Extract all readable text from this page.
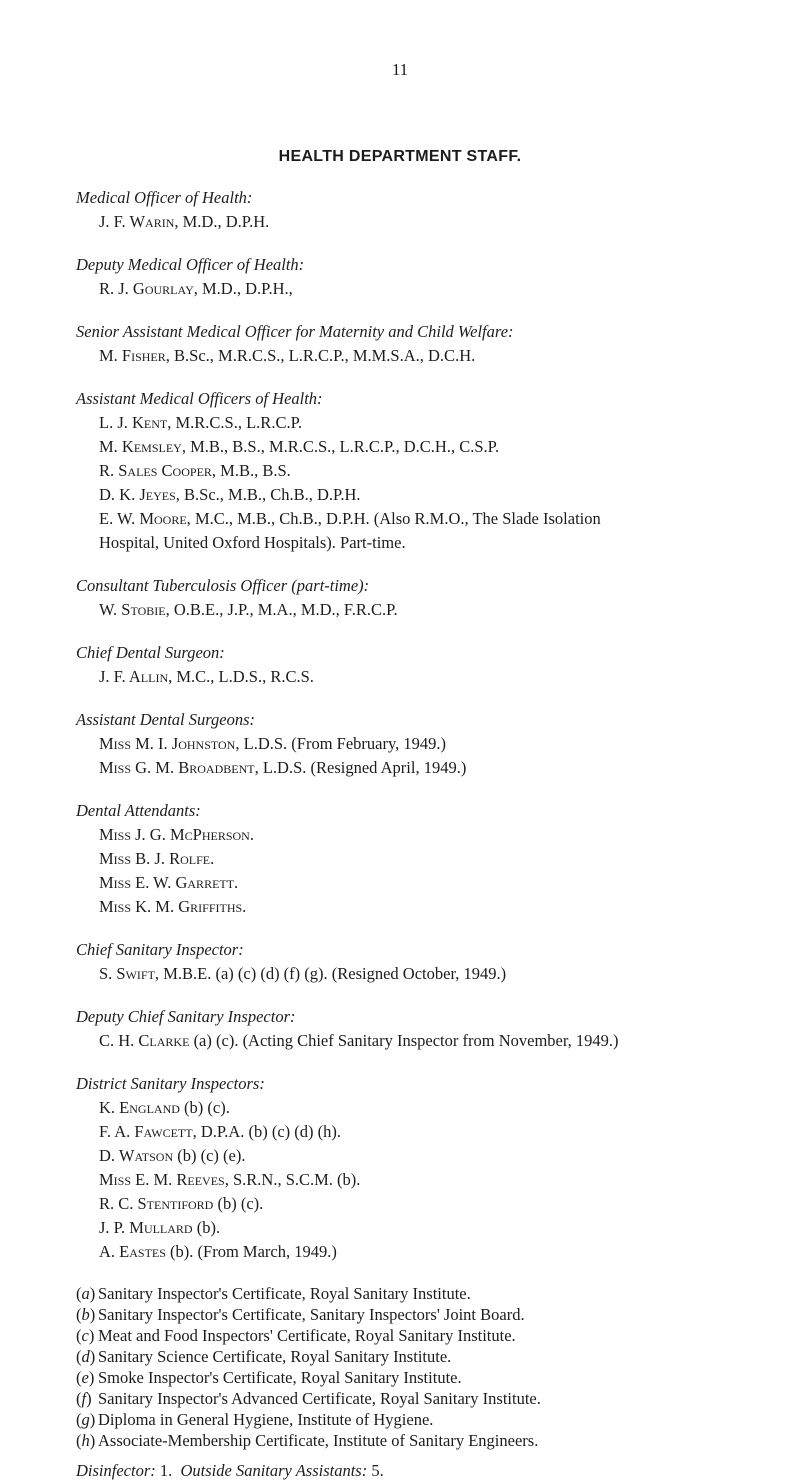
11
HEALTH DEPARTMENT STAFF.
Medical Officer of Health:
J. F. Warin, M.D., D.P.H.
Deputy Medical Officer of Health:
R. J. Gourlay, M.D., D.P.H.,
Senior Assistant Medical Officer for Maternity and Child Welfare:
M. Fisher, B.Sc., M.R.C.S., L.R.C.P., M.M.S.A., D.C.H.
Assistant Medical Officers of Health:
L. J. Kent, M.R.C.S., L.R.C.P.
M. Kemsley, M.B., B.S., M.R.C.S., L.R.C.P., D.C.H., C.S.P.
R. Sales Cooper, M.B., B.S.
D. K. Jeyes, B.Sc., M.B., Ch.B., D.P.H.
E. W. Moore, M.C., M.B., Ch.B., D.P.H. (Also R.M.O., The Slade Isolation
Hospital, United Oxford Hospitals). Part-time.
Consultant Tuberculosis Officer (part-time):
W. Stobie, O.B.E., J.P., M.A., M.D., F.R.C.P.
Chief Dental Surgeon:
J. F. Allin, M.C., L.D.S., R.C.S.
Assistant Dental Surgeons:
Miss M. I. Johnston, L.D.S. (From February, 1949.)
Miss G. M. Broadbent, L.D.S. (Resigned April, 1949.)
Dental Attendants:
Miss J. G. McPherson.
Miss B. J. Rolfe.
Miss E. W. Garrett.
Miss K. M. Griffiths.
Chief Sanitary Inspector:
S. Swift, M.B.E. (a) (c) (d) (f) (g). (Resigned October, 1949.)
Deputy Chief Sanitary Inspector:
C. H. Clarke (a) (c). (Acting Chief Sanitary Inspector from November, 1949.)
District Sanitary Inspectors:
K. England (b) (c).
F. A. Fawcett, D.P.A. (b) (c) (d) (h).
D. Watson (b) (c) (e).
Miss E. M. Reeves, S.R.N., S.C.M. (b).
R. C. Stentiford (b) (c).
J. P. Mullard (b).
A. Eastes (b). (From March, 1949.)
(a) Sanitary Inspector's Certificate, Royal Sanitary Institute.
(b) Sanitary Inspector's Certificate, Sanitary Inspectors' Joint Board.
(c) Meat and Food Inspectors' Certificate, Royal Sanitary Institute.
(d) Sanitary Science Certificate, Royal Sanitary Institute.
(e) Smoke Inspector's Certificate, Royal Sanitary Institute.
(f) Sanitary Inspector's Advanced Certificate, Royal Sanitary Institute.
(g) Diploma in General Hygiene, Institute of Hygiene.
(h) Associate-Membership Certificate, Institute of Sanitary Engineers.
Disinfector: 1. Outside Sanitary Assistants: 5.
